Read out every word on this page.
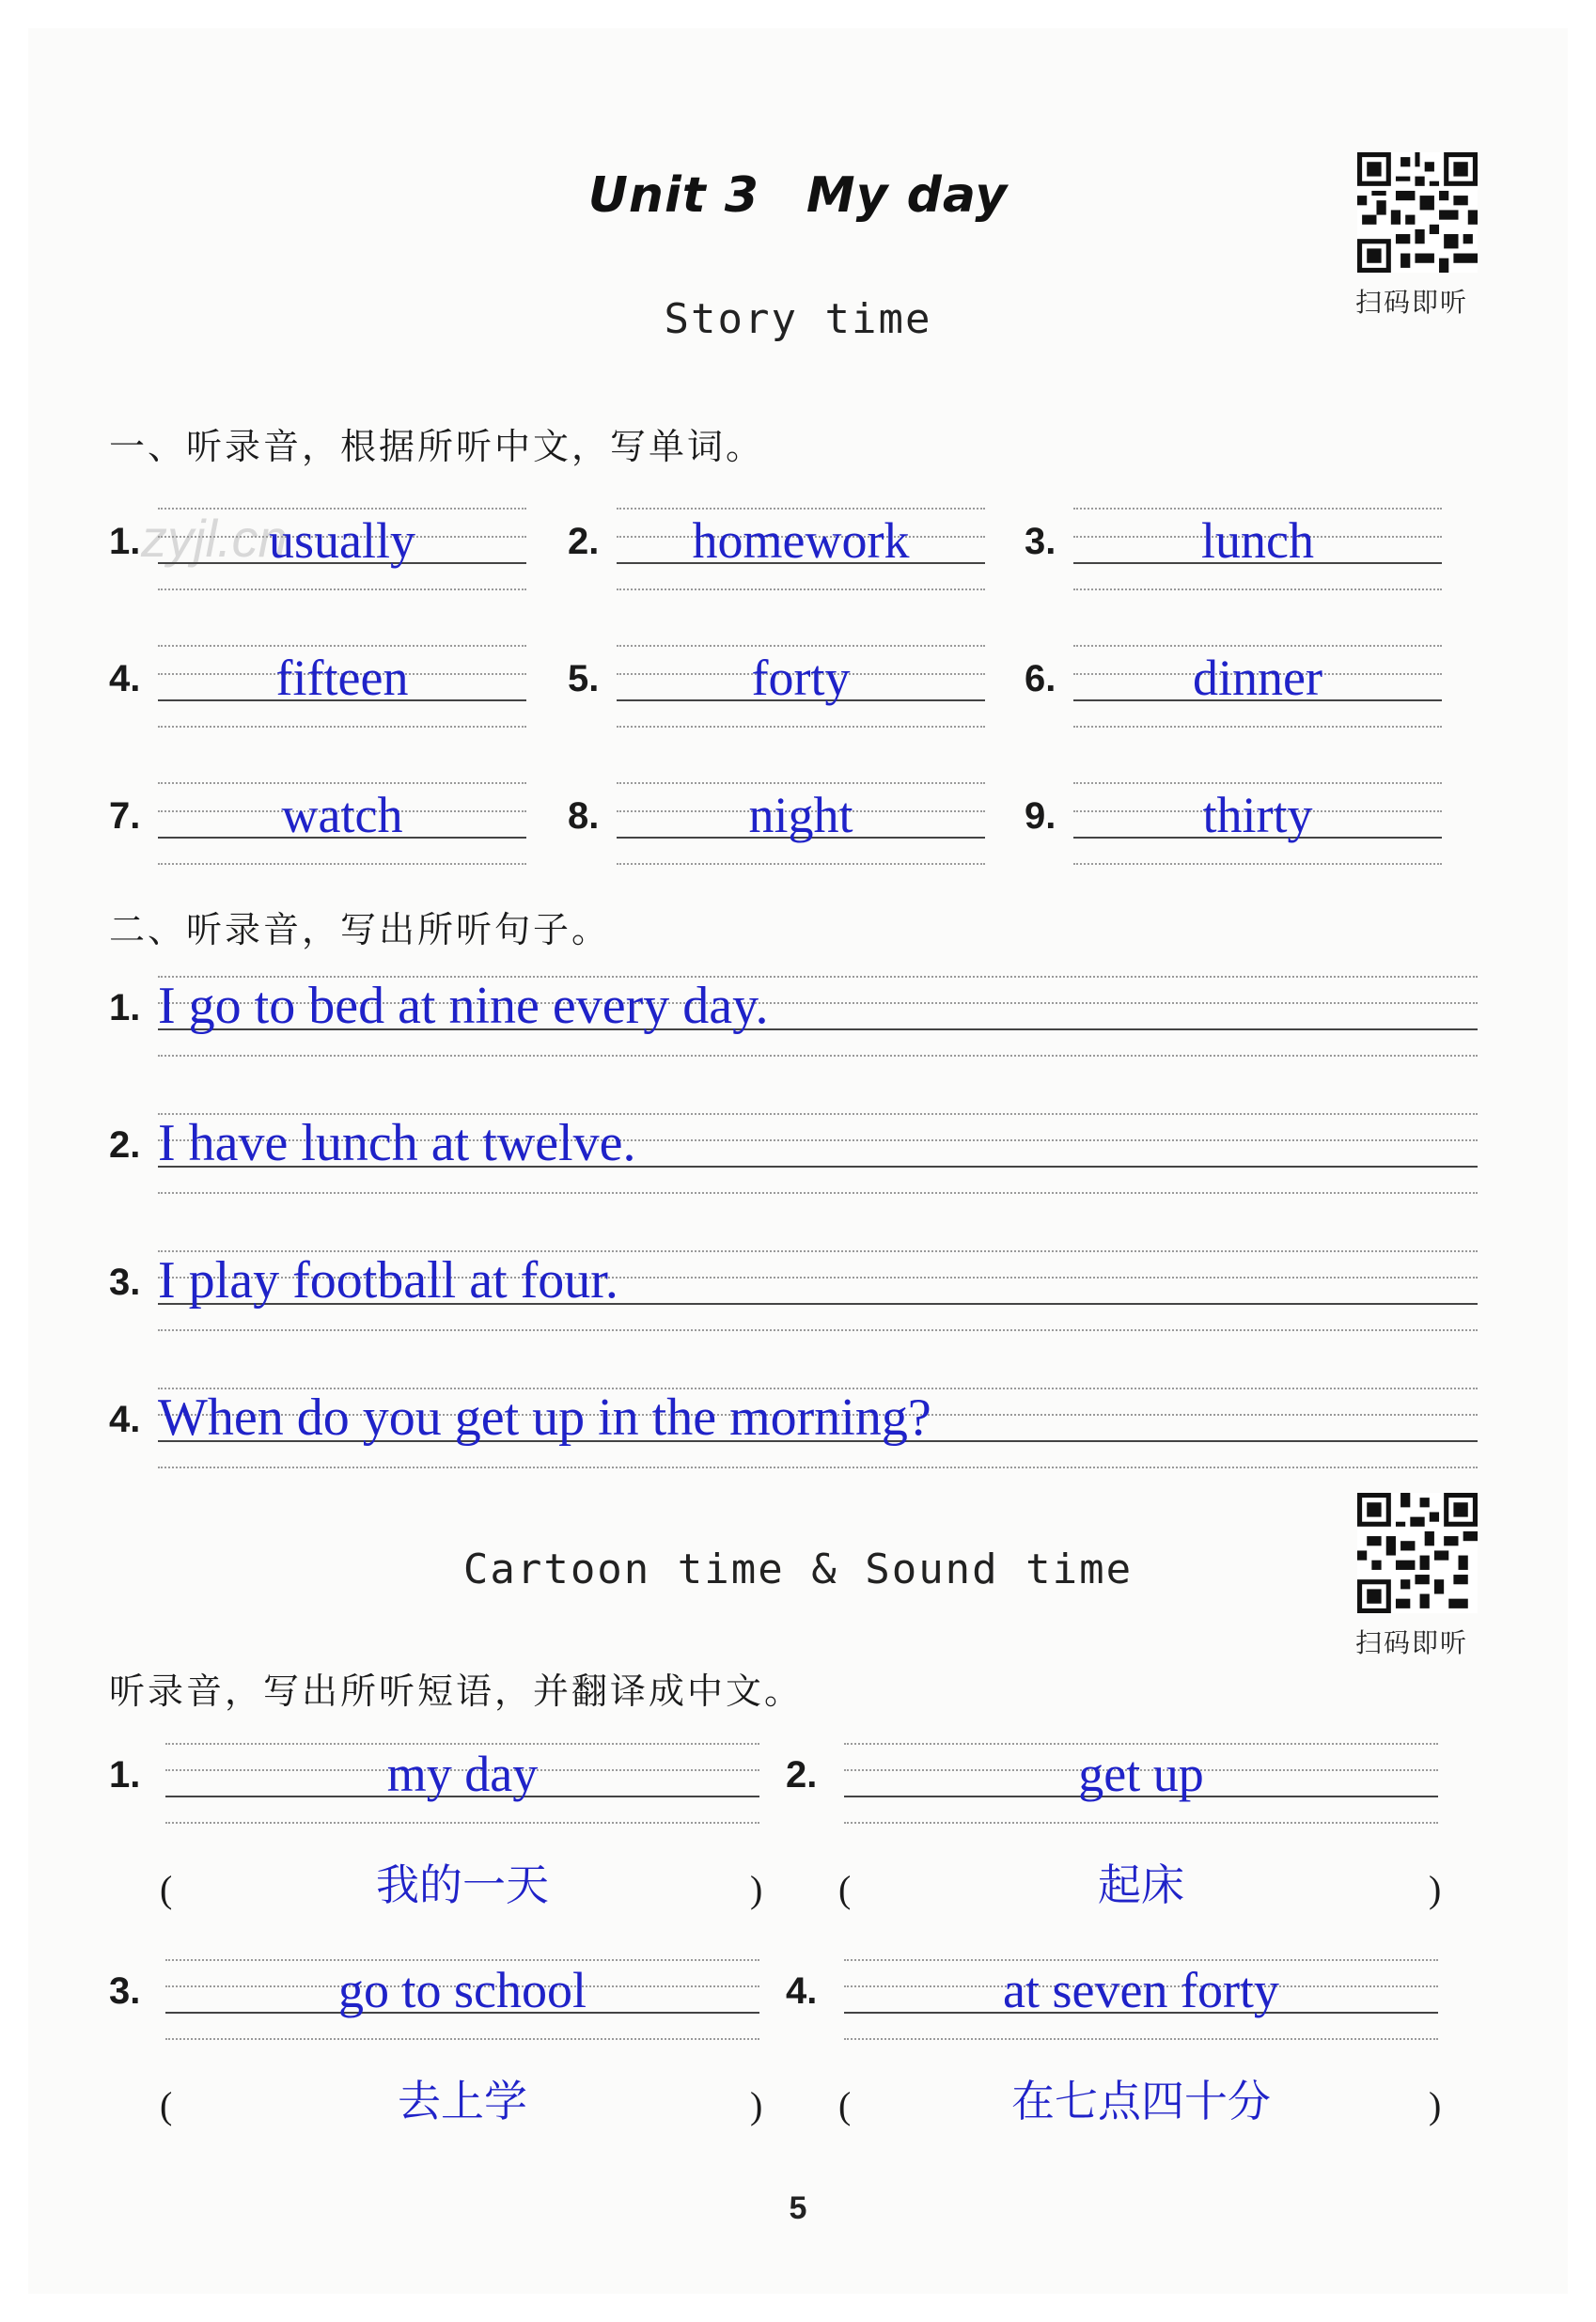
Unit 3 My day
扫码即听
Story time
一、听录音，根据所听中文，写单词。
zyjl.cn
1.	usually	2.	homework	3.	lunch
4.	fifteen	5.	forty	6.	dinner
7.	watch	8.	night	9.	thirty
二、听录音，写出所听句子。
1. I go to bed at nine every day.
2. I have lunch at twelve.
3. I play football at four.
4. When do you get up in the morning?
Cartoon time & Sound time
扫码即听
听录音，写出所听短语，并翻译成中文。
1.	my day
(	)
我的一天
2.	get up
(	)
起床
3.	go to school
(	)
去上学
4.	at seven forty
(	)
在七点四十分
5
